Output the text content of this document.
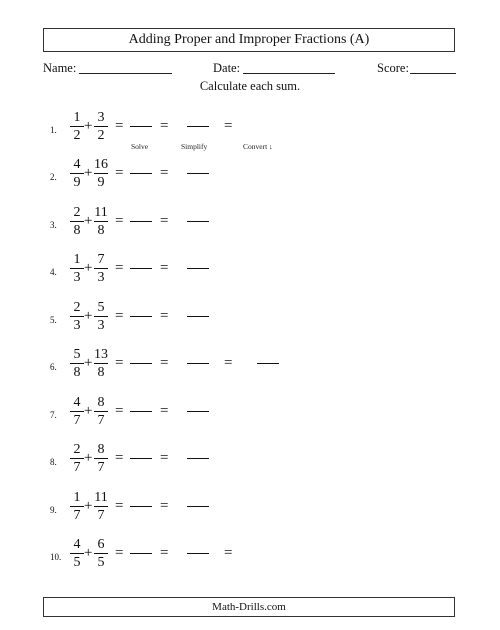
Adding Proper and Improper Fractions (A)
Name:	Date:	Score:
Calculate each sum.
Solve	Simplify	Convert ↓
1.
1
2
+
3
2
= =	=
2.
4
9
+
16
9
= =
3.
2
8
+
11
8
= =
4.
1
3
+
7
3
= =
5.
2
3
+
5
3
= =
6.
5
8
+
13
8
= =	=
7.
4
7
+
8
7
= =
8.
2
7
+
8
7
= =
9.
1
7
+
11
7
= =
10.
4
5
+
6
5
= =	=
Math-Drills.com
